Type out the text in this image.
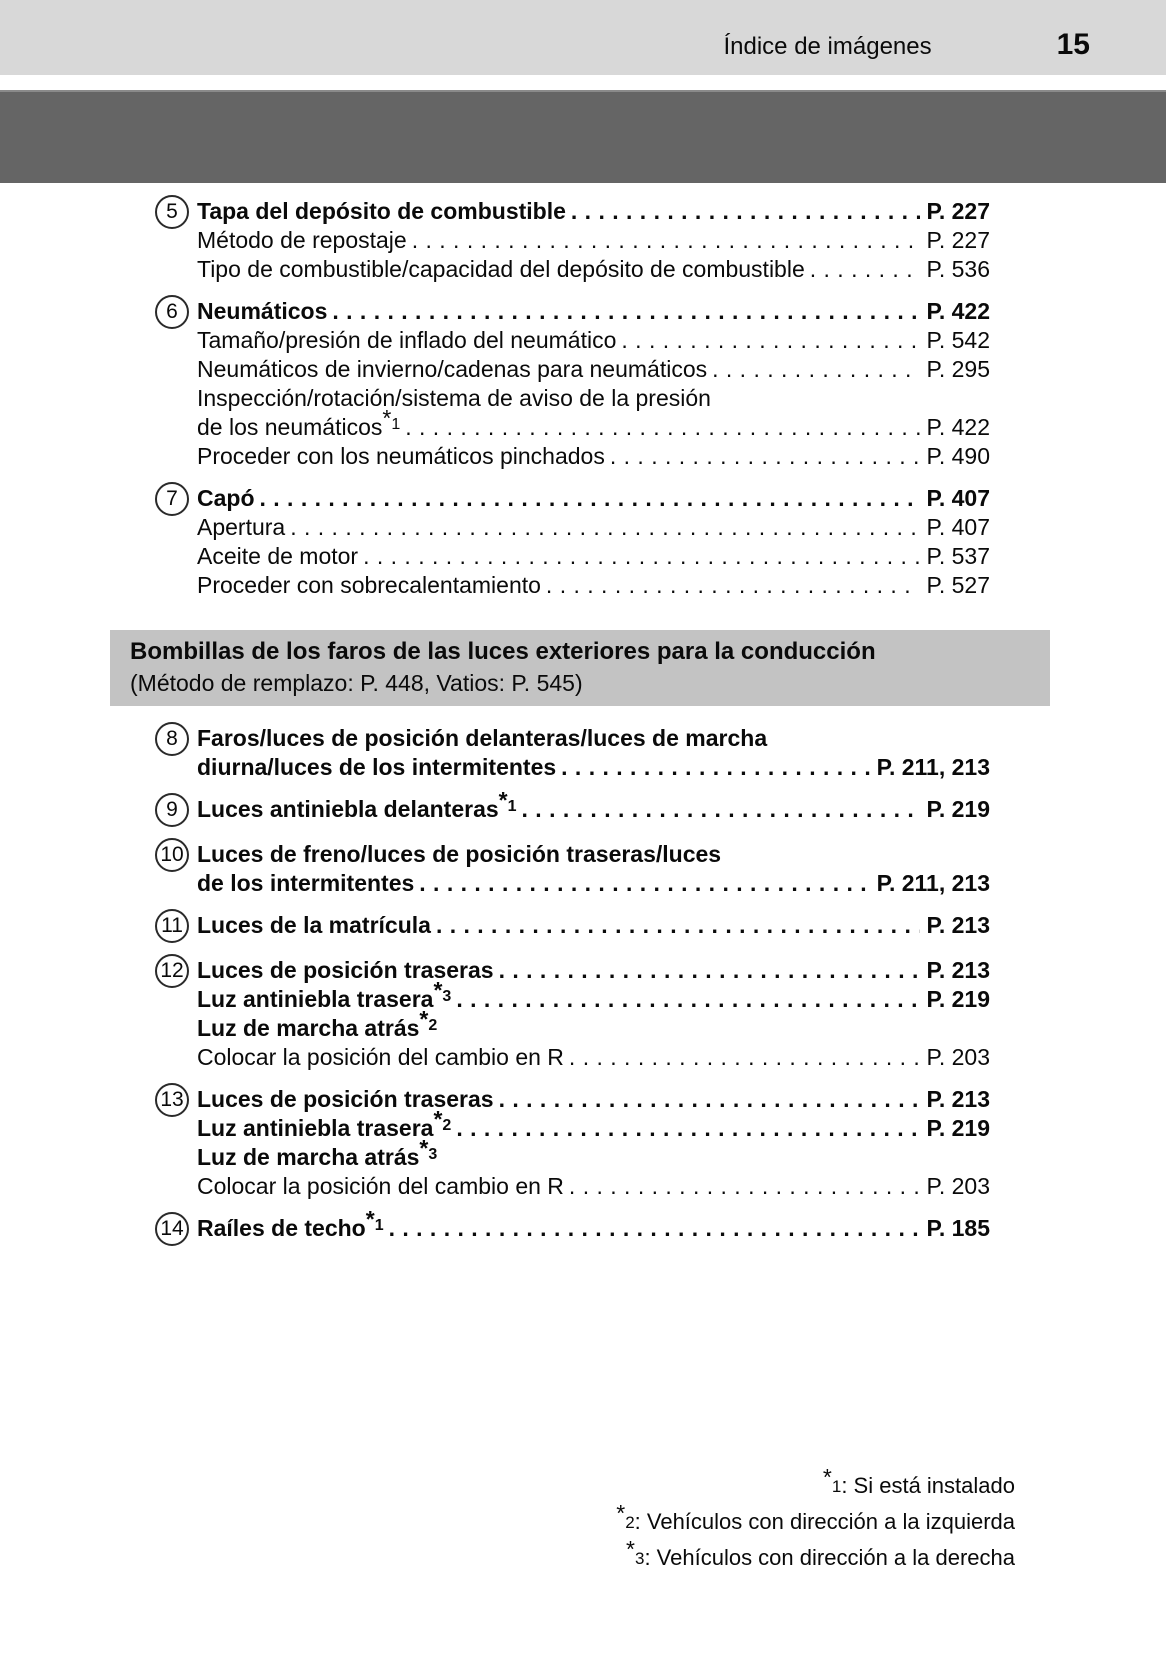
Índice de imágenes	15
5 Tapa del depósito de combustible . . .	P. 227
Método de repostaje . . .	P. 227
Tipo de combustible/capacidad del depósito de combustible . . .	P. 536
6 Neumáticos . . .	P. 422
Tamaño/presión de inflado del neumático . . .	P. 542
Neumáticos de invierno/cadenas para neumáticos . . .	P. 295
Inspección/rotación/sistema de aviso de la presión
de los neumáticos*$^1$ . . .	P. 422
Proceder con los neumáticos pinchados . . .	P. 490
7 Capó . . .	P. 407
Apertura . . .	P. 407
Aceite de motor . . .	P. 537
Proceder con sobrecalentamiento . . .	P. 527
Bombillas de los faros de las luces exteriores para la conducción
(Método de remplazo: P. 448, Vatios: P. 545)
8 Faros/luces de posición delanteras/luces de marcha
diurna/luces de los intermitentes . . .	P. 211, 213
9 Luces antiniebla delanteras*$^1$ . . .	P. 219
10 Luces de freno/luces de posición traseras/luces
de los intermitentes . . .	P. 211, 213
11 Luces de la matrícula . . .	P. 213
12 Luces de posición traseras . . .	P. 213
Luz antiniebla trasera*$^3$ . . .	P. 219
Luz de marcha atrás*$^2$
Colocar la posición del cambio en R . . .	P. 203
13 Luces de posición traseras . . .	P. 213
Luz antiniebla trasera*$^2$ . . .	P. 219
Luz de marcha atrás*$^3$
Colocar la posición del cambio en R . . .	P. 203
14 Raíles de techo*$^1$ . . .	P. 185
*1: Si está instalado
*2: Vehículos con dirección a la izquierda
*3: Vehículos con dirección a la derecha
